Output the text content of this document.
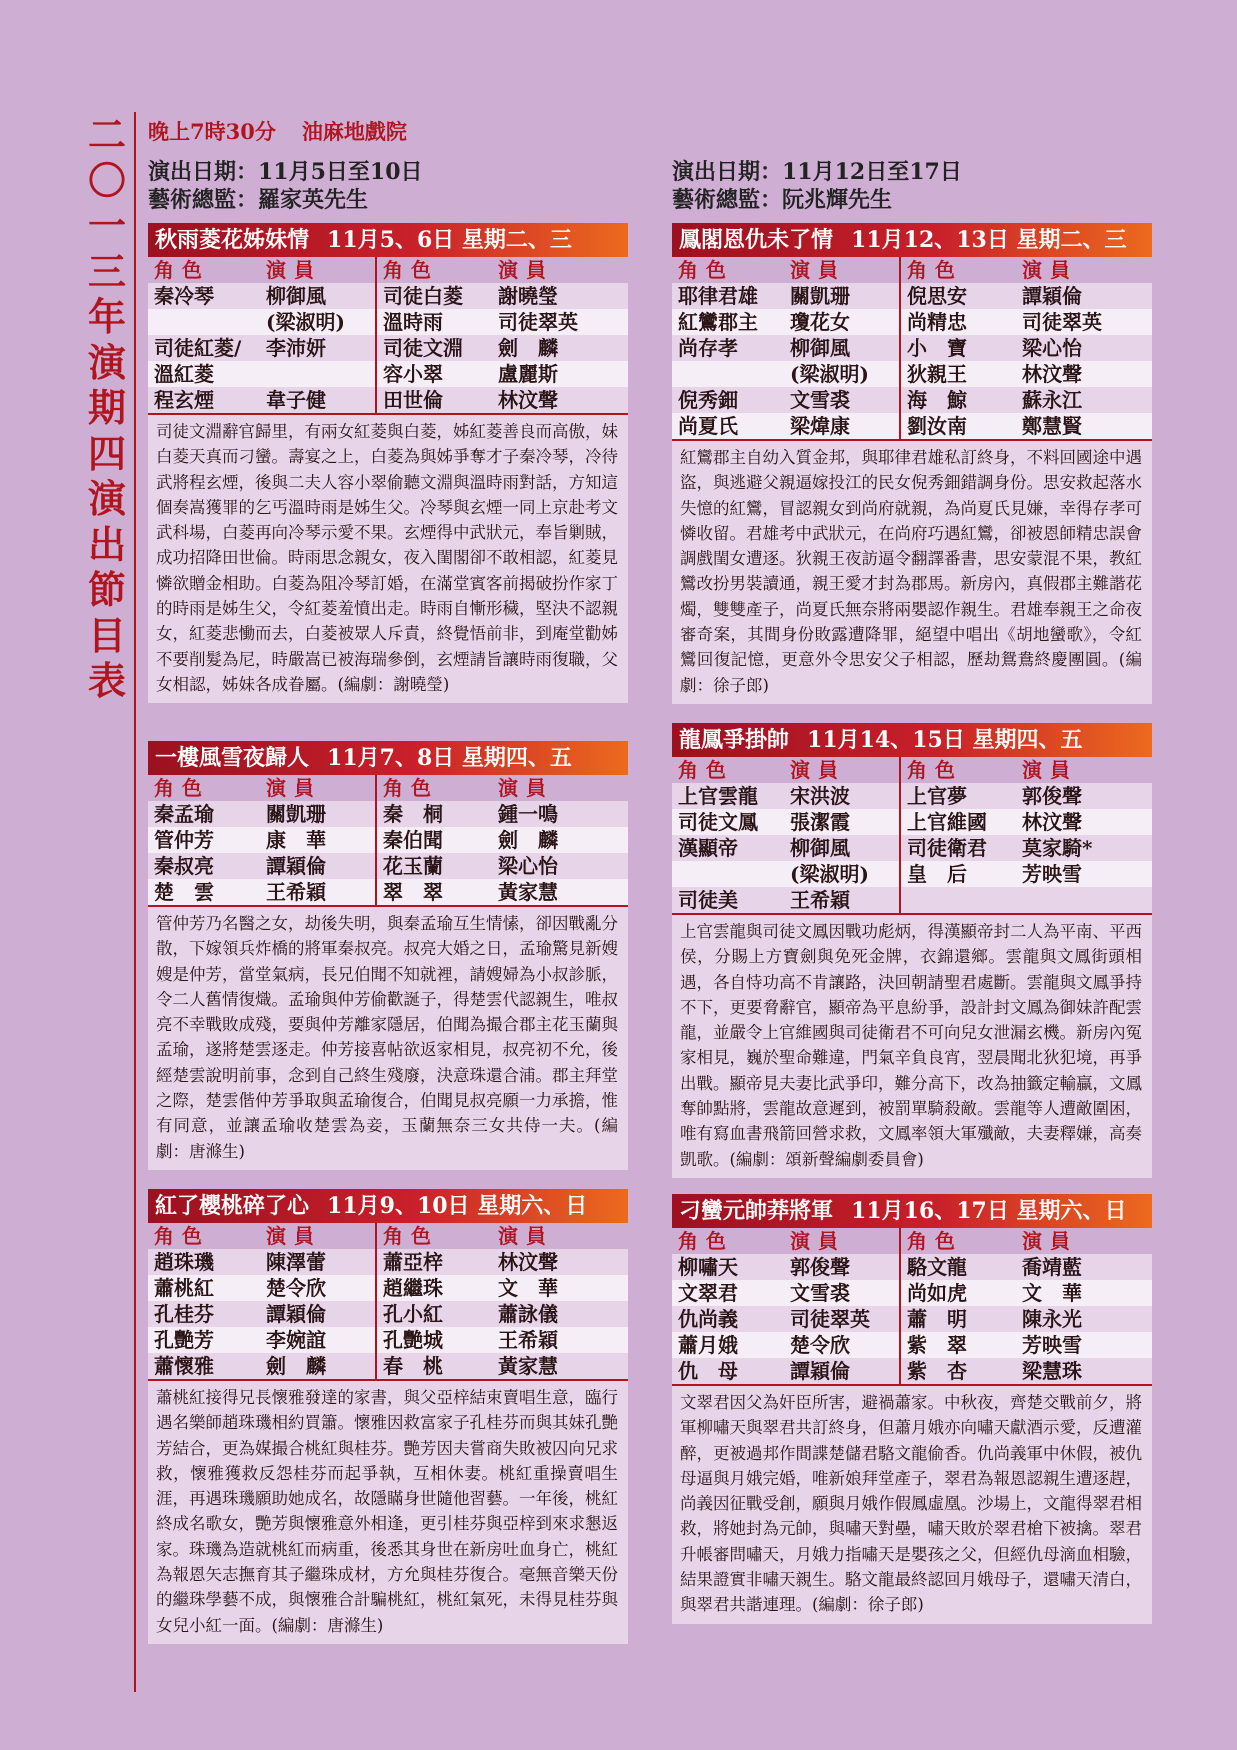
二〇一三年演期四演出節目表
晚上7時30分 油麻地戲院
演出日期：11月5日至10日
藝術總監：羅家英先生
演出日期：11月12日至17日
藝術總監：阮兆輝先生
秋雨菱花姊妹情 11月5、6日 星期二、三
角色	演員	角色	演員
秦冷琴	柳御風	司徒白菱	謝曉瑩
	(梁淑明)	溫時雨	司徒翠英
司徒紅菱/	李沛妍	司徒文淵	劍　麟
溫紅菱		容小翠	盧麗斯
程玄煙	韋子健	田世倫	林汶聲
司徒文淵辭官歸里，有兩女紅菱與白菱，姊紅菱善良而高傲，妹白菱天真而刁蠻。壽宴之上，白菱為與姊爭奪才子秦冷琴，冷待武將程玄煙，後與二夫人容小翠偷聽文淵與溫時雨對話，方知這個奏嵩獲罪的乞丐溫時雨是姊生父。冷琴與玄煙一同上京赴考文武科場，白菱再向冷琴示愛不果。玄煙得中武狀元，奉旨剿賊，成功招降田世倫。時雨思念親女，夜入閨閣卻不敢相認，紅菱見憐欲贈金相助。白菱為阻冷琴訂婚，在滿堂賓客前揭破扮作家丁的時雨是姊生父，令紅菱羞憤出走。時雨自慚形穢，堅決不認親女，紅菱悲慟而去，白菱被眾人斥責，終覺悟前非，到庵堂勸姊不要削髮為尼，時嚴嵩已被海瑞參倒，玄煙請旨讓時雨復職，父女相認，姊妹各成眷屬。(編劇：謝曉瑩)
一樓風雪夜歸人 11月7、8日 星期四、五
角色	演員	角色	演員
秦孟瑜	關凱珊	秦　桐	鍾一鳴
管仲芳	康　華	秦伯聞	劍　麟
秦叔亮	譚穎倫	花玉蘭	梁心怡
楚　雲	王希穎	翠　翠	黃家慧
管仲芳乃名醫之女，劫後失明，與秦孟瑜互生情愫，卻因戰亂分散，下嫁領兵炸橋的將軍秦叔亮。叔亮大婚之日，孟瑜驚見新嫂嫂是仲芳，當堂氣病，長兄伯聞不知就裡，請嫂婦為小叔診脈，令二人舊情復熾。孟瑜與仲芳偷歡誕子，得楚雲代認親生，唯叔亮不幸戰敗成殘，要與仲芳離家隱居，伯聞為撮合郡主花玉蘭與孟瑜，遂將楚雲逐走。仲芳接喜帖欲返家相見，叔亮初不允，後經楚雲說明前事，念到自己終生殘廢，決意珠還合浦。郡主拜堂之際，楚雲偕仲芳爭取與孟瑜復合，伯聞見叔亮願一力承擔，惟有同意，並讓孟瑜收楚雲為妾，玉蘭無奈三女共侍一夫。(編劇：唐滌生)
紅了櫻桃碎了心 11月9、10日 星期六、日
角色	演員	角色	演員
趙珠璣	陳澤蕾	蕭亞梓	林汶聲
蕭桃紅	楚令欣	趙繼珠	文　華
孔桂芬	譚穎倫	孔小紅	蕭詠儀
孔艷芳	李婉誼	孔艷城	王希穎
蕭懷雅	劍　麟	春　桃	黃家慧
蕭桃紅接得兄長懷雅發達的家書，與父亞梓結束賣唱生意，臨行遇名樂師趙珠璣相約買簫。懷雅因救富家子孔桂芬而與其妹孔艷芳結合，更為媒撮合桃紅與桂芬。艷芳因夫嘗商失敗被囚向兄求救，懷雅獲救反怨桂芬而起爭執，互相休妻。桃紅重操賣唱生涯，再遇珠璣願助她成名，故隱瞞身世隨他習藝。一年後，桃紅終成名歌女，艷芳與懷雅意外相逢，更引桂芬與亞梓到來求懇返家。珠璣為造就桃紅而病重，後悉其身世在新房吐血身亡，桃紅為報恩矢志撫育其子繼珠成材，方允與桂芬復合。毫無音樂天份的繼珠學藝不成，與懷雅合計騙桃紅，桃紅氣死，未得見桂芬與女兒小紅一面。(編劇：唐滌生)
鳳閣恩仇未了情 11月12、13日 星期二、三
角色	演員	角色	演員
耶律君雄	關凱珊	倪思安	譚穎倫
紅鸞郡主	瓊花女	尚精忠	司徒翠英
尚存孝	柳御風	小　寶	梁心怡
	(梁淑明)	狄親王	林汶聲
倪秀鈿	文雪裘	海　鯨	蘇永江
尚夏氏	梁煒康	劉汝南	鄭慧賢
紅鸞郡主自幼入質金邦，與耶律君雄私訂終身，不料回國途中遇盜，與逃避父親逼嫁投江的民女倪秀鈿錯調身份。思安救起落水失憶的紅鸞，冒認親女到尚府就親，為尚夏氏見嫌，幸得存孝可憐收留。君雄考中武狀元，在尚府巧遇紅鸞，卻被恩師精忠誤會調戲閨女遭逐。狄親王夜訪逼令翻譯番書，思安蒙混不果，教紅鸞改扮男裝讀通，親王愛才封為郡馬。新房內，真假郡主難諧花燭，雙雙產子，尚夏氏無奈將兩嬰認作親生。君雄奉親王之命夜審奇案，其間身份敗露遭降罪，絕望中唱出《胡地蠻歌》，令紅鸞回復記憶，更意外令思安父子相認，歷劫鴛鴦終慶團圓。(編劇：徐子郎)
龍鳳爭掛帥 11月14、15日 星期四、五
角色	演員	角色	演員
上官雲龍	宋洪波	上官夢	郭俊聲
司徒文鳳	張潔霞	上官維國	林汶聲
漢顯帝	柳御風	司徒衛君	莫家騎*
	(梁淑明)	皇　后	芳映雪
司徒美	王希穎		
上官雲龍與司徒文鳳因戰功彪炳，得漢顯帝封二人為平南、平西侯，分賜上方寶劍與免死金牌，衣錦還鄉。雲龍與文鳳街頭相遇，各自恃功高不肯讓路，決回朝請聖君處斷。雲龍與文鳳爭持不下，更要脅辭官，顯帝為平息紛爭，設計封文鳳為御妹許配雲龍，並嚴令上官維國與司徒衛君不可向兒女泄漏玄機。新房內冤家相見，巍於聖命難違，門氣辛負良宵，翌晨聞北狄犯境，再爭出戰。顯帝見夫妻比武爭印，難分高下，改為抽籤定輸贏，文鳳奪帥點將，雲龍故意遲到，被罰單騎殺敵。雲龍等人遭敵圍困，唯有寫血書飛箭回營求救，文鳳率領大軍殲敵，夫妻釋嫌，高奏凱歌。(編劇：頌新聲編劇委員會)
刁蠻元帥莽將軍 11月16、17日 星期六、日
角色	演員	角色	演員
柳嘯天	郭俊聲	駱文龍	喬靖藍
文翠君	文雪裘	尚如虎	文　華
仇尚義	司徒翠英	蕭　明	陳永光
蕭月娥	楚令欣	紫　翠	芳映雪
仇　母	譚穎倫	紫　杏	梁慧珠
文翠君因父為奸臣所害，避禍蕭家。中秋夜，齊楚交戰前夕，將軍柳嘯天與翠君共訂終身，但蕭月娥亦向嘯天獻酒示愛，反遭灌醉，更被過邦作間諜楚儲君駱文龍偷香。仇尚義軍中休假，被仇母逼與月娥完婚，唯新娘拜堂產子，翠君為報恩認親生遭逐趕，尚義因征戰受創，願與月娥作假鳳虛凰。沙場上，文龍得翠君相救，將她封為元帥，與嘯天對壘，嘯天敗於翠君槍下被擒。翠君升帳審問嘯天，月娥力指嘯天是嬰孩之父，但經仇母滴血相驗，結果證實非嘯天親生。駱文龍最終認回月娥母子，還嘯天清白，與翠君共諧連理。(編劇：徐子郎)
